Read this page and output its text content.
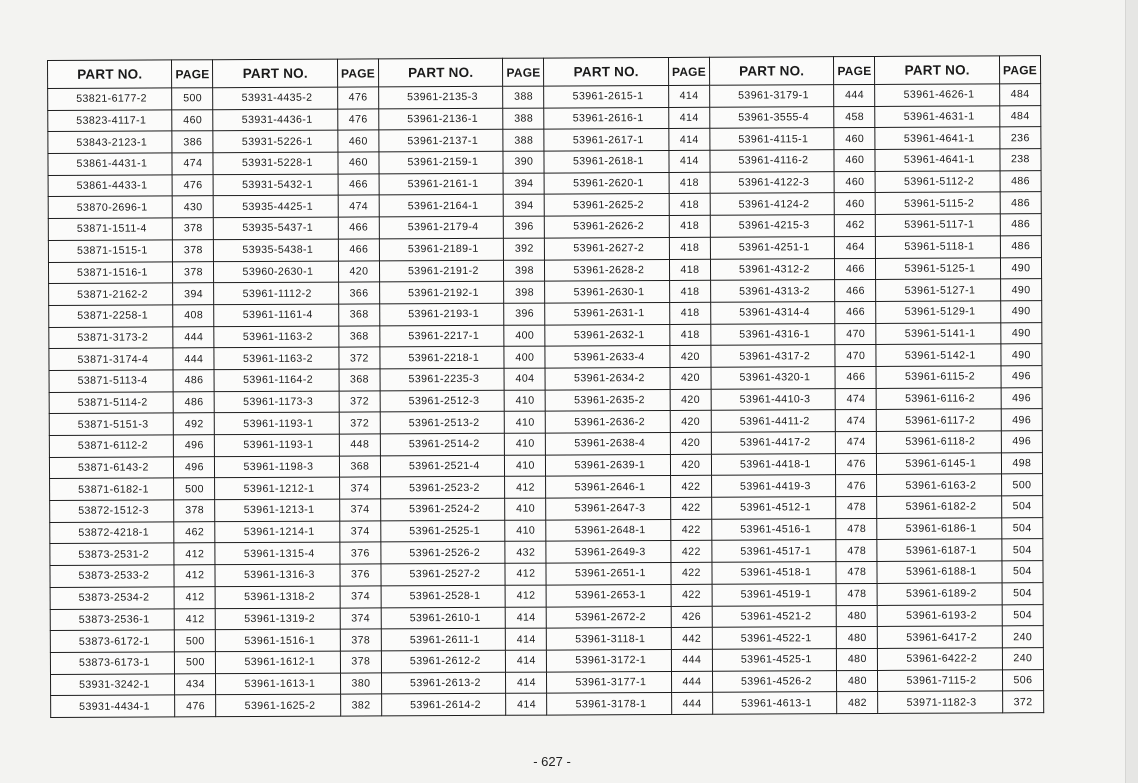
PART NO.	PAGE	PART NO.	PAGE	PART NO.	PAGE	PART NO.	PAGE	PART NO.	PAGE	PART NO.	PAGE
53821-6177-2	500	53931-4435-2	476	53961-2135-3	388	53961-2615-1	414	53961-3179-1	444	53961-4626-1	484
53823-4117-1	460	53931-4436-1	476	53961-2136-1	388	53961-2616-1	414	53961-3555-4	458	53961-4631-1	484
53843-2123-1	386	53931-5226-1	460	53961-2137-1	388	53961-2617-1	414	53961-4115-1	460	53961-4641-1	236
53861-4431-1	474	53931-5228-1	460	53961-2159-1	390	53961-2618-1	414	53961-4116-2	460	53961-4641-1	238
53861-4433-1	476	53931-5432-1	466	53961-2161-1	394	53961-2620-1	418	53961-4122-3	460	53961-5112-2	486
53870-2696-1	430	53935-4425-1	474	53961-2164-1	394	53961-2625-2	418	53961-4124-2	460	53961-5115-2	486
53871-1511-4	378	53935-5437-1	466	53961-2179-4	396	53961-2626-2	418	53961-4215-3	462	53961-5117-1	486
53871-1515-1	378	53935-5438-1	466	53961-2189-1	392	53961-2627-2	418	53961-4251-1	464	53961-5118-1	486
53871-1516-1	378	53960-2630-1	420	53961-2191-2	398	53961-2628-2	418	53961-4312-2	466	53961-5125-1	490
53871-2162-2	394	53961-1112-2	366	53961-2192-1	398	53961-2630-1	418	53961-4313-2	466	53961-5127-1	490
53871-2258-1	408	53961-1161-4	368	53961-2193-1	396	53961-2631-1	418	53961-4314-4	466	53961-5129-1	490
53871-3173-2	444	53961-1163-2	368	53961-2217-1	400	53961-2632-1	418	53961-4316-1	470	53961-5141-1	490
53871-3174-4	444	53961-1163-2	372	53961-2218-1	400	53961-2633-4	420	53961-4317-2	470	53961-5142-1	490
53871-5113-4	486	53961-1164-2	368	53961-2235-3	404	53961-2634-2	420	53961-4320-1	466	53961-6115-2	496
53871-5114-2	486	53961-1173-3	372	53961-2512-3	410	53961-2635-2	420	53961-4410-3	474	53961-6116-2	496
53871-5151-3	492	53961-1193-1	372	53961-2513-2	410	53961-2636-2	420	53961-4411-2	474	53961-6117-2	496
53871-6112-2	496	53961-1193-1	448	53961-2514-2	410	53961-2638-4	420	53961-4417-2	474	53961-6118-2	496
53871-6143-2	496	53961-1198-3	368	53961-2521-4	410	53961-2639-1	420	53961-4418-1	476	53961-6145-1	498
53871-6182-1	500	53961-1212-1	374	53961-2523-2	412	53961-2646-1	422	53961-4419-3	476	53961-6163-2	500
53872-1512-3	378	53961-1213-1	374	53961-2524-2	410	53961-2647-3	422	53961-4512-1	478	53961-6182-2	504
53872-4218-1	462	53961-1214-1	374	53961-2525-1	410	53961-2648-1	422	53961-4516-1	478	53961-6186-1	504
53873-2531-2	412	53961-1315-4	376	53961-2526-2	432	53961-2649-3	422	53961-4517-1	478	53961-6187-1	504
53873-2533-2	412	53961-1316-3	376	53961-2527-2	412	53961-2651-1	422	53961-4518-1	478	53961-6188-1	504
53873-2534-2	412	53961-1318-2	374	53961-2528-1	412	53961-2653-1	422	53961-4519-1	478	53961-6189-2	504
53873-2536-1	412	53961-1319-2	374	53961-2610-1	414	53961-2672-2	426	53961-4521-2	480	53961-6193-2	504
53873-6172-1	500	53961-1516-1	378	53961-2611-1	414	53961-3118-1	442	53961-4522-1	480	53961-6417-2	240
53873-6173-1	500	53961-1612-1	378	53961-2612-2	414	53961-3172-1	444	53961-4525-1	480	53961-6422-2	240
53931-3242-1	434	53961-1613-1	380	53961-2613-2	414	53961-3177-1	444	53961-4526-2	480	53961-7115-2	506
53931-4434-1	476	53961-1625-2	382	53961-2614-2	414	53961-3178-1	444	53961-4613-1	482	53971-1182-3	372
- 627 -
